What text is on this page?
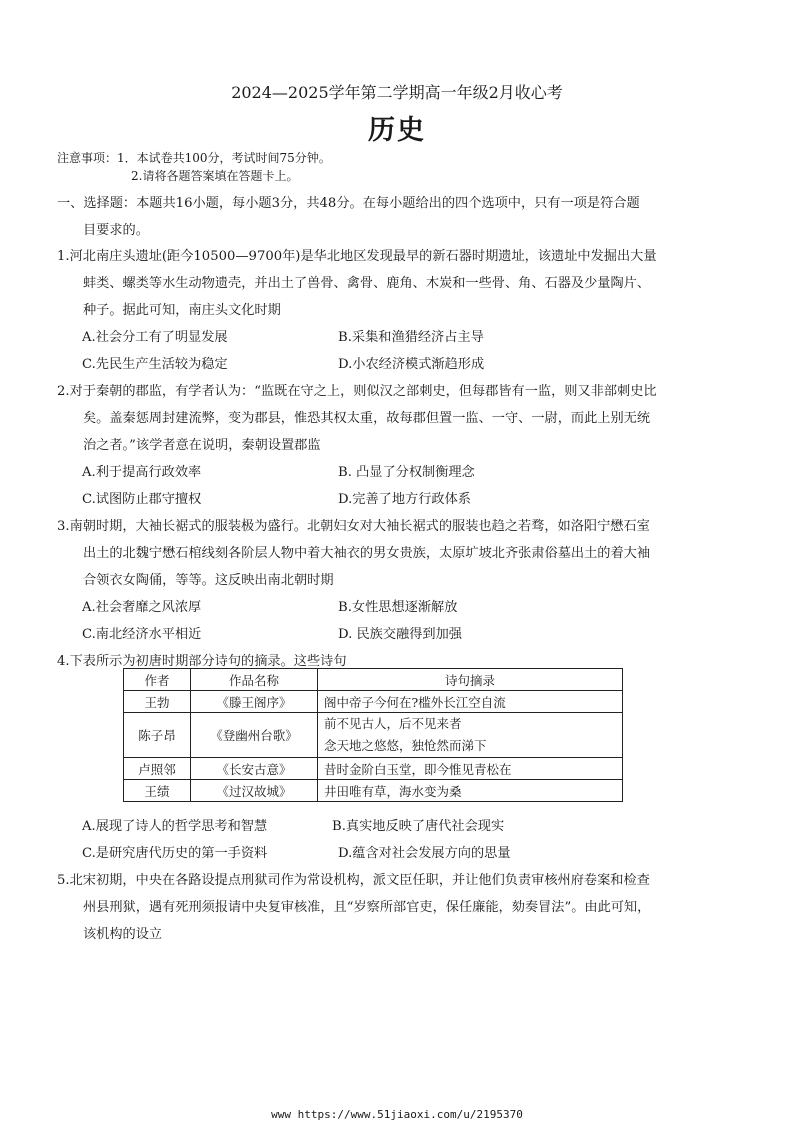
2024—2025学年第二学期高一年级2月收心考
历史
注意事项：1．本试卷共100分，考试时间75分钟。
2.请将各题答案填在答题卡上。
一、选择题：本题共16小题，每小题3分，共48分。在每小题给出的四个选项中，只有一项是符合题
目要求的。
1.河北南庄头遗址(距今10500—9700年)是华北地区发现最早的新石器时期遗址，该遗址中发掘出大量
蚌类、螺类等水生动物遗壳，并出土了兽骨、禽骨、鹿角、木炭和一些骨、角、石器及少量陶片、
种子。据此可知，南庄头文化时期
A.社会分工有了明显发展	B.采集和渔猎经济占主导
C.先民生产生活较为稳定	D.小农经济模式渐趋形成
2.对于秦朝的郡监，有学者认为：“监既在守之上，则似汉之部刺史，但每郡皆有一监，则又非部刺史比
矣。盖秦惩周封建流弊，变为郡县，惟恐其权太重，故每郡但置一监、一守、一尉，而此上别无统
治之者。”该学者意在说明，秦朝设置郡监
A.利于提高行政效率	B. 凸显了分权制衡理念
C.试图防止郡守擅权	D.完善了地方行政体系
3.南朝时期，大袖长裾式的服装极为盛行。北朝妇女对大袖长裾式的服装也趋之若骛，如洛阳宁懋石室
出土的北魏宁懋石棺线刻各阶层人物中着大袖衣的男女贵族，太原圹坡北齐张肃俗墓出土的着大袖
合领衣女陶俑，等等。这反映出南北朝时期
A.社会奢靡之风浓厚	B.女性思想逐渐解放
C.南北经济水平相近	D. 民族交融得到加强
4.下表所示为初唐时期部分诗句的摘录。这些诗句
作者	作品名称	诗句摘录
王勃	《滕王阁序》	阁中帝子今何在?槛外长江空自流
陈子昂	《登幽州台歌》	前不见古人，后不见来者
念天地之悠悠，独怆然而涕下

卢照邻	《长安古意》	昔时金阶白玉堂，即今惟见青松在
王绩	《过汉故城》	井田唯有草，海水变为桑
A.展现了诗人的哲学思考和智慧	B.真实地反映了唐代社会现实
C.是研究唐代历史的第一手资料	D.蕴含对社会发展方向的思量
5.北宋初期，中央在各路设提点刑狱司作为常设机构，派文臣任职，并让他们负责审核州府卷案和检查
州县刑狱，遇有死刑须报请中央复审核准，且“岁察所部官吏，保任廉能，劾奏冒法”。由此可知，
该机构的设立
www https://www.51jiaoxi.com/u/2195370
